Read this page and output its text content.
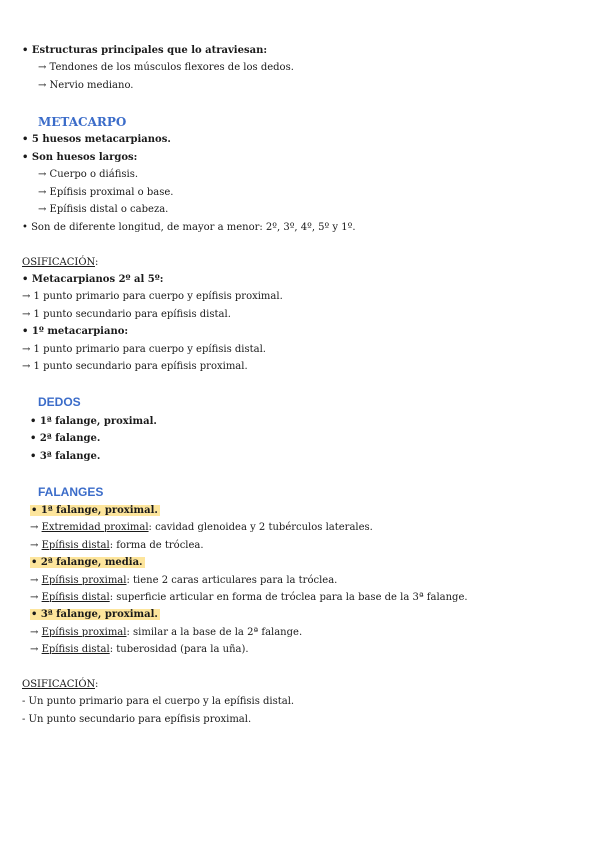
• Estructuras principales que lo atraviesan:
→ Tendones de los músculos flexores de los dedos.
→ Nervio mediano.
METACARPO
• 5 huesos metacarpianos.
• Son huesos largos:
→ Cuerpo o diáfisis.
→ Epífisis proximal o base.
→ Epífisis distal o cabeza.
• Son de diferente longitud, de mayor a menor: 2º, 3º, 4º, 5º y 1º.
OSIFICACIÓN:
• Metacarpianos 2º al 5º:
→ 1 punto primario para cuerpo y epífisis proximal.
→ 1 punto secundario para epífisis distal.
• 1º metacarpiano:
→ 1 punto primario para cuerpo y epífisis distal.
→ 1 punto secundario para epífisis proximal.
DEDOS
• 1ª falange, proximal.
• 2ª falange.
• 3ª falange.
FALANGES
• 1ª falange, proximal.
→ Extremidad proximal: cavidad glenoidea y 2 tubérculos laterales.
→ Epífisis distal: forma de tróclea.
• 2ª falange, media.
→ Epífisis proximal: tiene 2 caras articulares para la tróclea.
→ Epífisis distal: superficie articular en forma de tróclea para la base de la 3ª falange.
• 3ª falange, proximal.
→ Epífisis proximal: similar a la base de la 2ª falange.
→ Epífisis distal: tuberosidad (para la uña).
OSIFICACIÓN:
- Un punto primario para el cuerpo y la epífisis distal.
- Un punto secundario para epífisis proximal.
